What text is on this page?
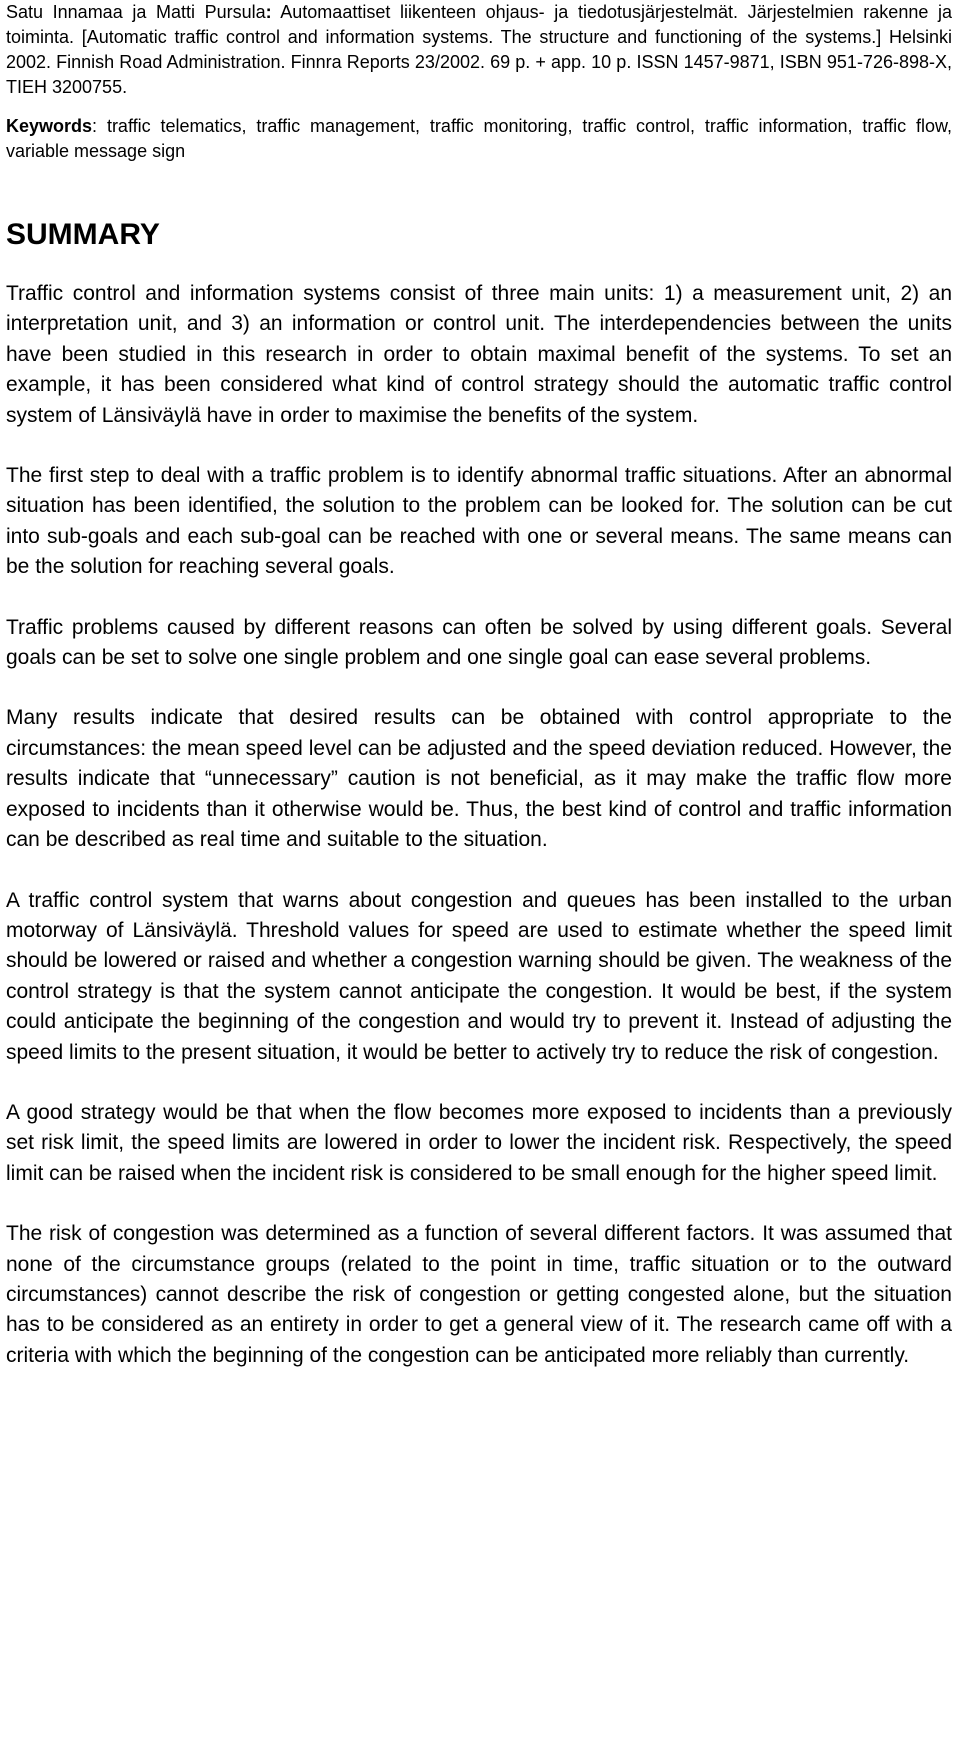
Satu Innamaa ja Matti Pursula: Automaattiset liikenteen ohjaus- ja tiedotusjärjestelmät. Järjestelmien rakenne ja toiminta. [Automatic traffic control and information systems. The structure and functioning of the systems.] Helsinki 2002. Finnish Road Administration. Finnra Reports 23/2002. 69 p. + app. 10 p. ISSN 1457-9871, ISBN 951-726-898-X, TIEH 3200755.

Keywords: traffic telematics, traffic management, traffic monitoring, traffic control, traffic information, traffic flow, variable message sign

SUMMARY

Traffic control and information systems consist of three main units: 1) a measurement unit, 2) an interpretation unit, and 3) an information or control unit. The interdependencies between the units have been studied in this research in order to obtain maximal benefit of the systems. To set an example, it has been considered what kind of control strategy should the automatic traffic control system of Länsiväylä have in order to maximise the benefits of the system.

The first step to deal with a traffic problem is to identify abnormal traffic situations. After an abnormal situation has been identified, the solution to the problem can be looked for. The solution can be cut into sub-goals and each sub-goal can be reached with one or several means. The same means can be the solution for reaching several goals.

Traffic problems caused by different reasons can often be solved by using different goals. Several goals can be set to solve one single problem and one single goal can ease several problems.

Many results indicate that desired results can be obtained with control appropriate to the circumstances: the mean speed level can be adjusted and the speed deviation reduced. However, the results indicate that “unnecessary” caution is not beneficial, as it may make the traffic flow more exposed to incidents than it otherwise would be. Thus, the best kind of control and traffic information can be described as real time and suitable to the situation.

A traffic control system that warns about congestion and queues has been installed to the urban motorway of Länsiväylä. Threshold values for speed are used to estimate whether the speed limit should be lowered or raised and whether a congestion warning should be given. The weakness of the control strategy is that the system cannot anticipate the congestion. It would be best, if the system could anticipate the beginning of the congestion and would try to prevent it. Instead of adjusting the speed limits to the present situation, it would be better to actively try to reduce the risk of congestion.

A good strategy would be that when the flow becomes more exposed to incidents than a previously set risk limit, the speed limits are lowered in order to lower the incident risk. Respectively, the speed limit can be raised when the incident risk is considered to be small enough for the higher speed limit.

The risk of congestion was determined as a function of several different factors. It was assumed that none of the circumstance groups (related to the point in time, traffic situation or to the outward circumstances) cannot describe the risk of congestion or getting congested alone, but the situation has to be considered as an entirety in order to get a general view of it. The research came off with a criteria with which the beginning of the congestion can be anticipated more reliably than currently.
